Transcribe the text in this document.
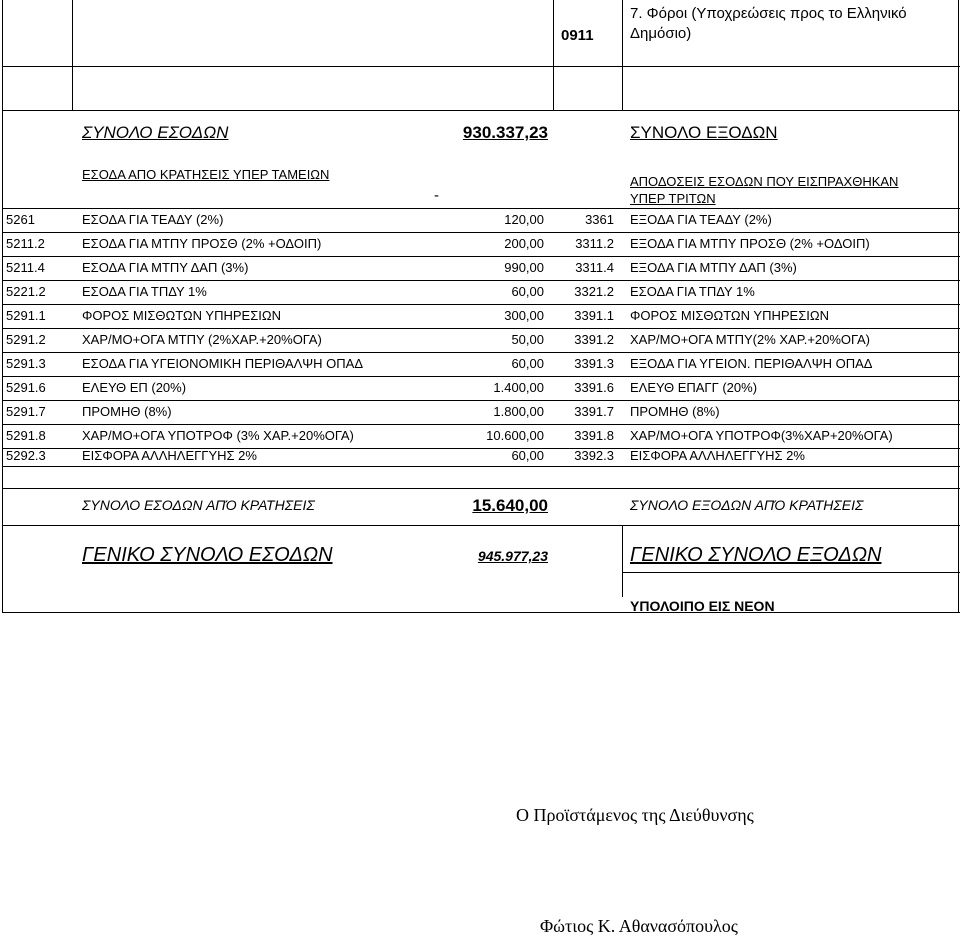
0911
7. Φόροι (Υποχρεώσεις προς το Ελληνικό
Δημόσιο)
ΣΥΝΟΛΟ ΕΣΟΔΩΝ	930.337,23	ΣΥΝΟΛΟ ΕΞΟΔΩΝ
ΕΣΟΔΑ ΑΠΟ ΚΡΑΤΗΣΕΙΣ ΥΠΕΡ ΤΑΜΕΙΩΝ
-
ΑΠΟΔΟΣΕΙΣ ΕΣΟΔΩΝ ΠΟΥ ΕΙΣΠΡΑΧΘΗΚΑΝ
ΥΠΕΡ ΤΡΙΤΩΝ
5261	ΕΣΟΔΑ ΓΙΑ ΤΕΑΔΥ (2%)	120,00	3361 ΕΞΟΔΑ ΓΙΑ ΤΕΑΔΥ (2%)
5211.2	ΕΣΟΔΑ ΓΙΑ ΜΤΠΥ ΠΡΟΣΘ (2% +ΟΔΟΙΠ)	200,00	3311.2 ΕΞΟΔΑ ΓΙΑ ΜΤΠΥ ΠΡΟΣΘ (2% +ΟΔΟΙΠ)
5211.4	ΕΣΟΔΑ ΓΙΑ ΜΤΠΥ ΔΑΠ (3%)	990,00	3311.4 ΕΞΟΔΑ ΓΙΑ ΜΤΠΥ ΔΑΠ (3%)
5221.2	ΕΣΟΔΑ ΓΙΑ ΤΠΔΥ 1%	60,00	3321.2 ΕΣΟΔΑ ΓΙΑ ΤΠΔΥ 1%
5291.1	ΦΟΡΟΣ ΜΙΣΘΩΤΩΝ ΥΠΗΡΕΣΙΩΝ	300,00	3391.1 ΦΟΡΟΣ ΜΙΣΘΩΤΩΝ ΥΠΗΡΕΣΙΩΝ
5291.2	ΧΑΡ/ΜΟ+ΟΓΑ ΜΤΠΥ (2%ΧΑΡ.+20%ΟΓΑ)	50,00	3391.2 ΧΑΡ/ΜΟ+ΟΓΑ ΜΤΠΥ(2% ΧΑΡ.+20%ΟΓΑ)
5291.3	ΕΣΟΔΑ ΓΙΑ ΥΓΕΙΟΝΟΜΙΚΗ ΠΕΡΙΘΑΛΨΗ ΟΠΑΔ	60,00	3391.3 ΕΞΟΔΑ ΓΙΑ ΥΓΕΙΟΝ. ΠΕΡΙΘΑΛΨΗ ΟΠΑΔ
5291.6	ΕΛΕΥΘ ΕΠ (20%)	1.400,00	3391.6 ΕΛΕΥΘ ΕΠΑΓΓ (20%)
5291.7	ΠΡΟΜΗΘ (8%)	1.800,00	3391.7 ΠΡΟΜΗΘ (8%)
5291.8	ΧΑΡ/ΜΟ+ΟΓΑ ΥΠΟΤΡΟΦ (3% ΧΑΡ.+20%ΟΓΑ)	10.600,00	3391.8 ΧΑΡ/ΜΟ+ΟΓΑ ΥΠΟΤΡΟΦ(3%ΧΑΡ+20%ΟΓΑ)
5292.3	ΕΙΣΦΟΡΑ ΑΛΛΗΛΕΓΓΥΗΣ 2%	60,00	3392.3 ΕΙΣΦΟΡΑ ΑΛΛΗΛΕΓΓΥΗΣ 2%
ΣΥΝΟΛΟ ΕΣΟΔΩΝ ΑΠΌ ΚΡΑΤΗΣΕΙΣ	15.640,00	ΣΥΝΟΛΟ ΕΞΟΔΩΝ ΑΠΌ ΚΡΑΤΗΣΕΙΣ
ΓΕΝΙΚΟ ΣΥΝΟΛΟ ΕΣΟΔΩΝ	945.977,23	ΓΕΝΙΚΟ ΣΥΝΟΛΟ ΕΞΟΔΩΝ
ΥΠΟΛΟΙΠΟ ΕΙΣ ΝΕΟΝ
Ο Προϊστάμενος της Διεύθυνσης
Φώτιος Κ. Αθανασόπουλος
